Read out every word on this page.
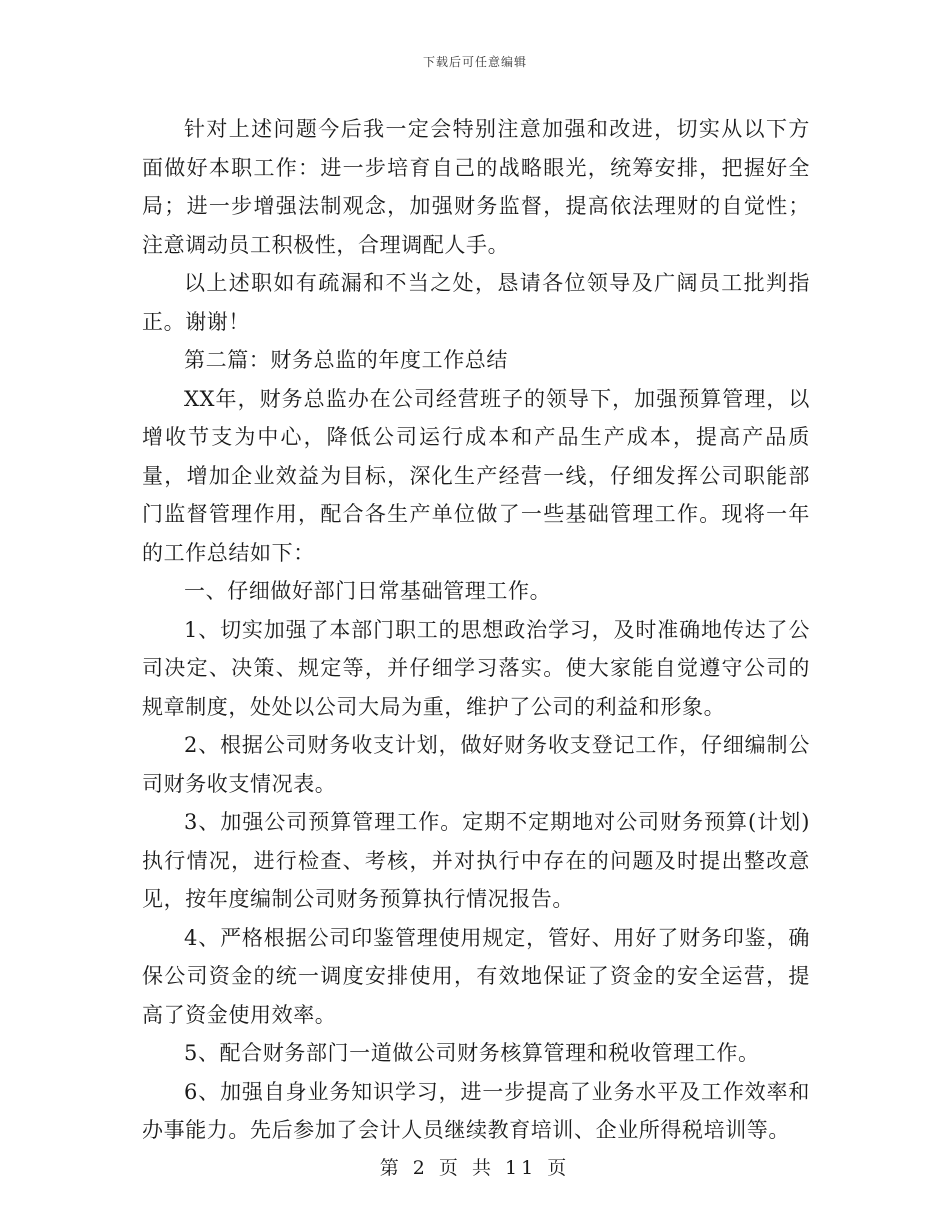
下载后可任意编辑

针对上述问题今后我一定会特别注意加强和改进，切实从以下方面做好本职工作：进一步培育自己的战略眼光，统筹安排，把握好全局；进一步增强法制观念，加强财务监督，提高依法理财的自觉性；注意调动员工积极性，合理调配人手。

以上述职如有疏漏和不当之处，恳请各位领导及广阔员工批判指正。谢谢！

第二篇：财务总监的年度工作总结

XX年，财务总监办在公司经营班子的领导下，加强预算管理，以增收节支为中心，降低公司运行成本和产品生产成本，提高产品质量，增加企业效益为目标，深化生产经营一线，仔细发挥公司职能部门监督管理作用，配合各生产单位做了一些基础管理工作。现将一年的工作总结如下：

一、仔细做好部门日常基础管理工作。

1、切实加强了本部门职工的思想政治学习，及时准确地传达了公司决定、决策、规定等，并仔细学习落实。使大家能自觉遵守公司的规章制度，处处以公司大局为重，维护了公司的利益和形象。

2、根据公司财务收支计划，做好财务收支登记工作，仔细编制公司财务收支情况表。

3、加强公司预算管理工作。定期不定期地对公司财务预算(计划)执行情况，进行检查、考核，并对执行中存在的问题及时提出整改意见，按年度编制公司财务预算执行情况报告。

4、严格根据公司印鉴管理使用规定，管好、用好了财务印鉴，确保公司资金的统一调度安排使用，有效地保证了资金的安全运营，提高了资金使用效率。

5、配合财务部门一道做公司财务核算管理和税收管理工作。

6、加强自身业务知识学习，进一步提高了业务水平及工作效率和办事能力。先后参加了会计人员继续教育培训、企业所得税培训等。

第 2 页 共 11 页
